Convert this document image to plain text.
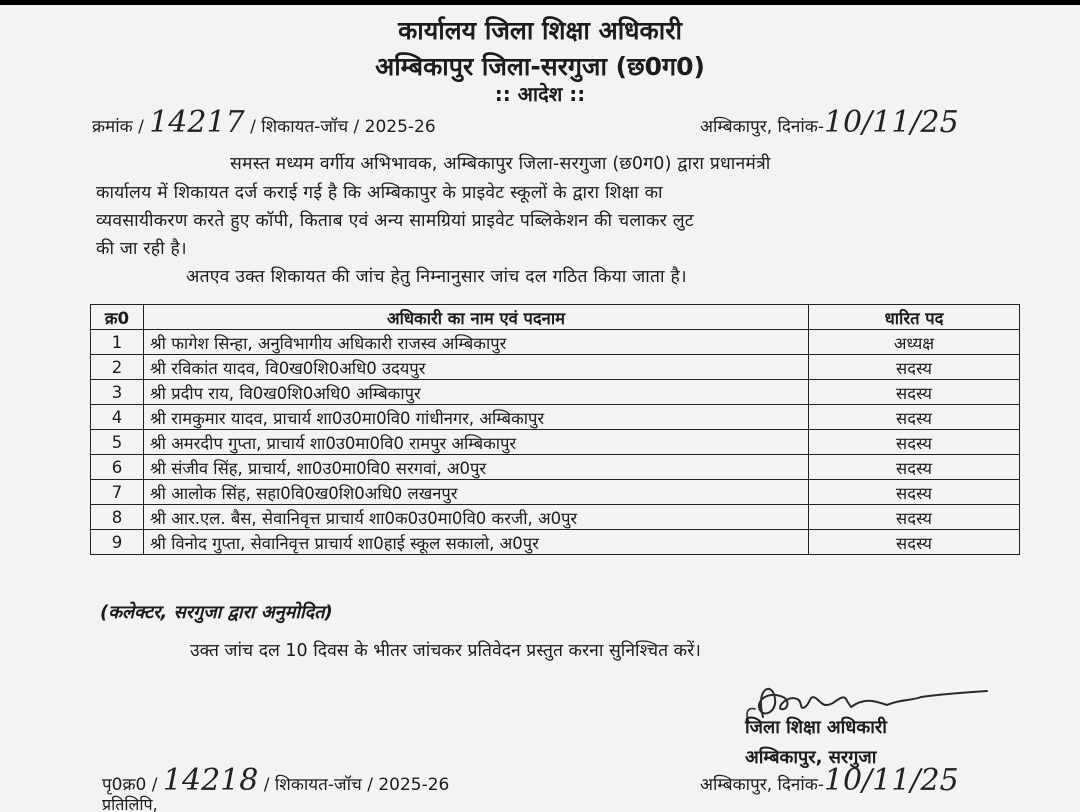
कार्यालय जिला शिक्षा अधिकारी
अम्बिकापुर जिला-सरगुजा (छ0ग0)
:: आदेश ::
क्रमांक / 14217 / शिकायत-जॉच / 2025-26	अम्बिकापुर, दिनांक-10/11/25
समस्त मध्यम वर्गीय अभिभावक, अम्बिकापुर जिला-सरगुजा (छ0ग0) द्वारा प्रधानमंत्री
कार्यालय में शिकायत दर्ज कराई गई है कि अम्बिकापुर के प्राइवेट स्कूलों के द्वारा शिक्षा का
व्यवसायीकरण करते हुए कॉपी, किताब एवं अन्य सामग्रियां प्राइवेट पब्लिकेशन की चलाकर लुट
की जा रही है।
अतएव उक्त शिकायत की जांच हेतु निम्नानुसार जांच दल गठित किया जाता है।
क्र0	अधिकारी का नाम एवं पदनाम	धारित पद
1	श्री फागेश सिन्हा, अनुविभागीय अधिकारी राजस्व अम्बिकापुर	अध्यक्ष
2	श्री रविकांत यादव, वि0ख0शि0अधि0 उदयपुर	सदस्य
3	श्री प्रदीप राय, वि0ख0शि0अधि0 अम्बिकापुर	सदस्य
4	श्री रामकुमार यादव, प्राचार्य शा0उ0मा0वि0 गांधीनगर, अम्बिकापुर	सदस्य
5	श्री अमरदीप गुप्ता, प्राचार्य शा0उ0मा0वि0 रामपुर अम्बिकापुर	सदस्य
6	श्री संजीव सिंह, प्राचार्य, शा0उ0मा0वि0 सरगवां, अ0पुर	सदस्य
7	श्री आलोक सिंह, सहा0वि0ख0शि0अधि0 लखनपुर	सदस्य
8	श्री आर.एल. बैस, सेवानिवृत्त प्राचार्य शा0क0उ0मा0वि0 करजी, अ0पुर	सदस्य
9	श्री विनोद गुप्ता, सेवानिवृत्त प्राचार्य शा0हाई स्कूल सकालो, अ0पुर	सदस्य
(कलेक्टर, सरगुजा द्वारा अनुमोदित)
उक्त जांच दल 10 दिवस के भीतर जांचकर प्रतिवेदन प्रस्तुत करना सुनिश्चित करें।
जिला शिक्षा अधिकारी
अम्बिकापुर, सरगुजा
पृ0क्र0 / 14218 / शिकायत-जॉच / 2025-26	अम्बिकापुर, दिनांक-10/11/25
प्रतिलिपि,
